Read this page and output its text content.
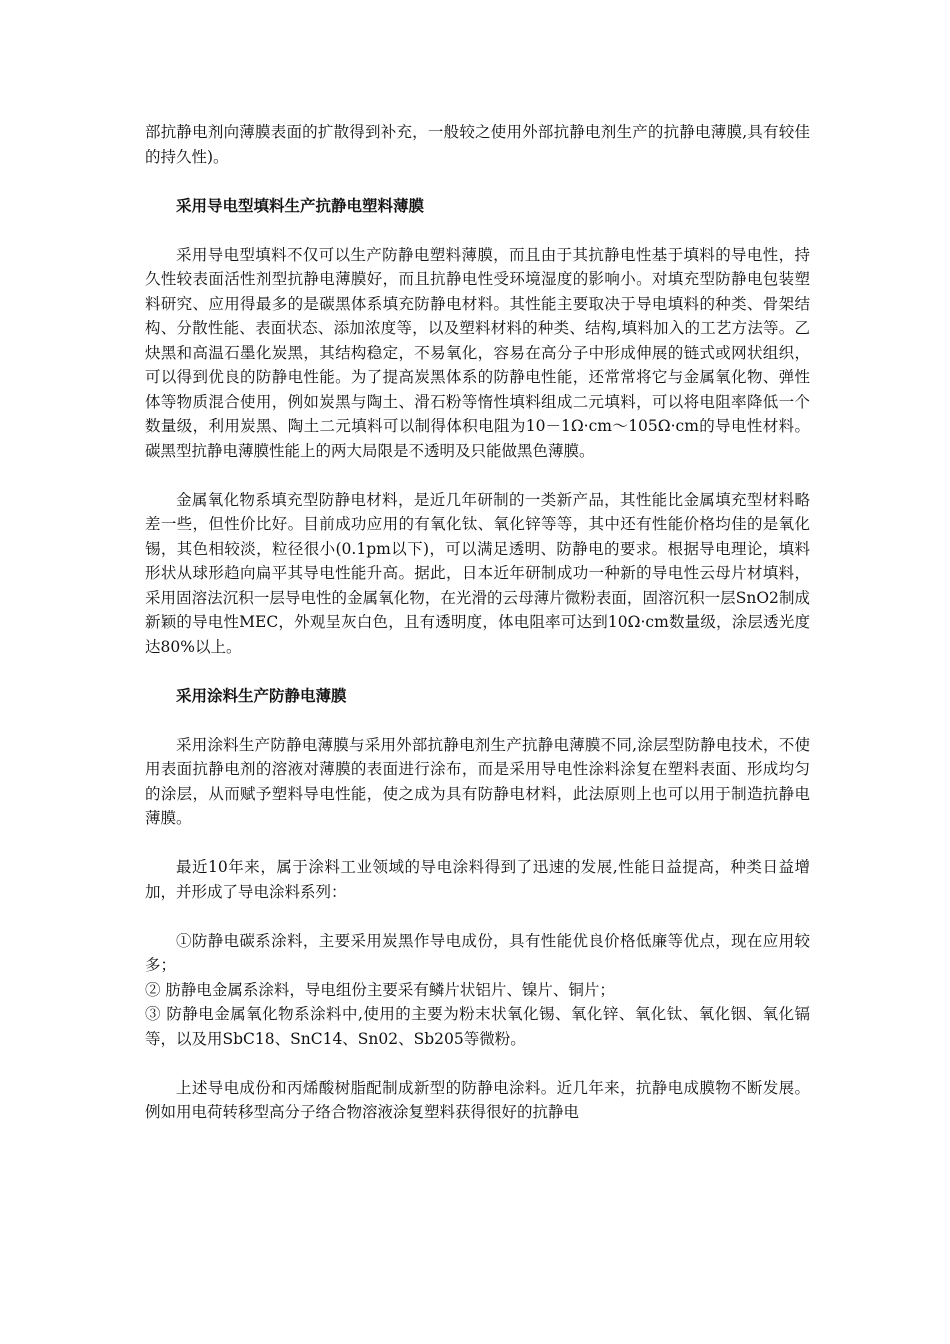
部抗静电剂向薄膜表面的扩散得到补充，一般较之使用外部抗静电剂生产的抗静电薄膜,具有较佳的持久性)。

采用导电型填料生产抗静电塑料薄膜

采用导电型填料不仅可以生产防静电塑料薄膜，而且由于其抗静电性基于填料的导电性，持久性较表面活性剂型抗静电薄膜好，而且抗静电性受环境湿度的影响小。对填充型防静电包装塑料研究、应用得最多的是碳黑体系填充防静电材料。其性能主要取决于导电填料的种类、骨架结构、分散性能、表面状态、添加浓度等，以及塑料材料的种类、结构,填料加入的工艺方法等。乙炔黑和高温石墨化炭黑，其结构稳定，不易氧化，容易在高分子中形成伸展的链式或网状组织，可以得到优良的防静电性能。为了提高炭黑体系的防静电性能，还常常将它与金属氧化物、弹性体等物质混合使用，例如炭黑与陶土、滑石粉等惰性填料组成二元填料，可以将电阻率降低一个数量级，利用炭黑、陶土二元填料可以制得体积电阻为10－1Ω·cm～105Ω·cm的导电性材料。碳黑型抗静电薄膜性能上的两大局限是不透明及只能做黑色薄膜。

金属氧化物系填充型防静电材料，是近几年研制的一类新产品，其性能比金属填充型材料略差一些，但性价比好。目前成功应用的有氧化钛、氧化锌等等，其中还有性能价格均佳的是氧化锡，其色相较淡，粒径很小(0.1pm以下)，可以满足透明、防静电的要求。根据导电理论，填料形状从球形趋向扁平其导电性能升高。据此，日本近年研制成功一种新的导电性云母片材填料，采用固溶法沉积一层导电性的金属氧化物，在光滑的云母薄片微粉表面，固溶沉积一层SnO2制成新颖的导电性MEC，外观呈灰白色，且有透明度，体电阻率可达到10Ω·cm数量级，涂层透光度达80%以上。

采用涂料生产防静电薄膜

采用涂料生产防静电薄膜与采用外部抗静电剂生产抗静电薄膜不同,涂层型防静电技术，不使用表面抗静电剂的溶液对薄膜的表面进行涂布，而是采用导电性涂料涂复在塑料表面、形成均匀的涂层，从而赋予塑料导电性能，使之成为具有防静电材料，此法原则上也可以用于制造抗静电薄膜。

最近10年来，属于涂料工业领域的导电涂料得到了迅速的发展,性能日益提高，种类日益增加，并形成了导电涂料系列：

①防静电碳系涂料，主要采用炭黑作导电成份，具有性能优良价格低廉等优点，现在应用较多；

② 肪静电金属系涂料，导电组份主要采有鳞片状铝片、镍片、铜片；

③ 防静电金属氧化物系涂料中,使用的主要为粉末状氧化锡、氧化锌、氧化钛、氧化铟、氧化镉等，以及用SbC18、SnC14、Sn02、Sb205等微粉。

上述导电成份和丙烯酸树脂配制成新型的防静电涂料。近几年来，抗静电成膜物不断发展。例如用电荷转移型高分子络合物溶液涂复塑料获得很好的抗静电
